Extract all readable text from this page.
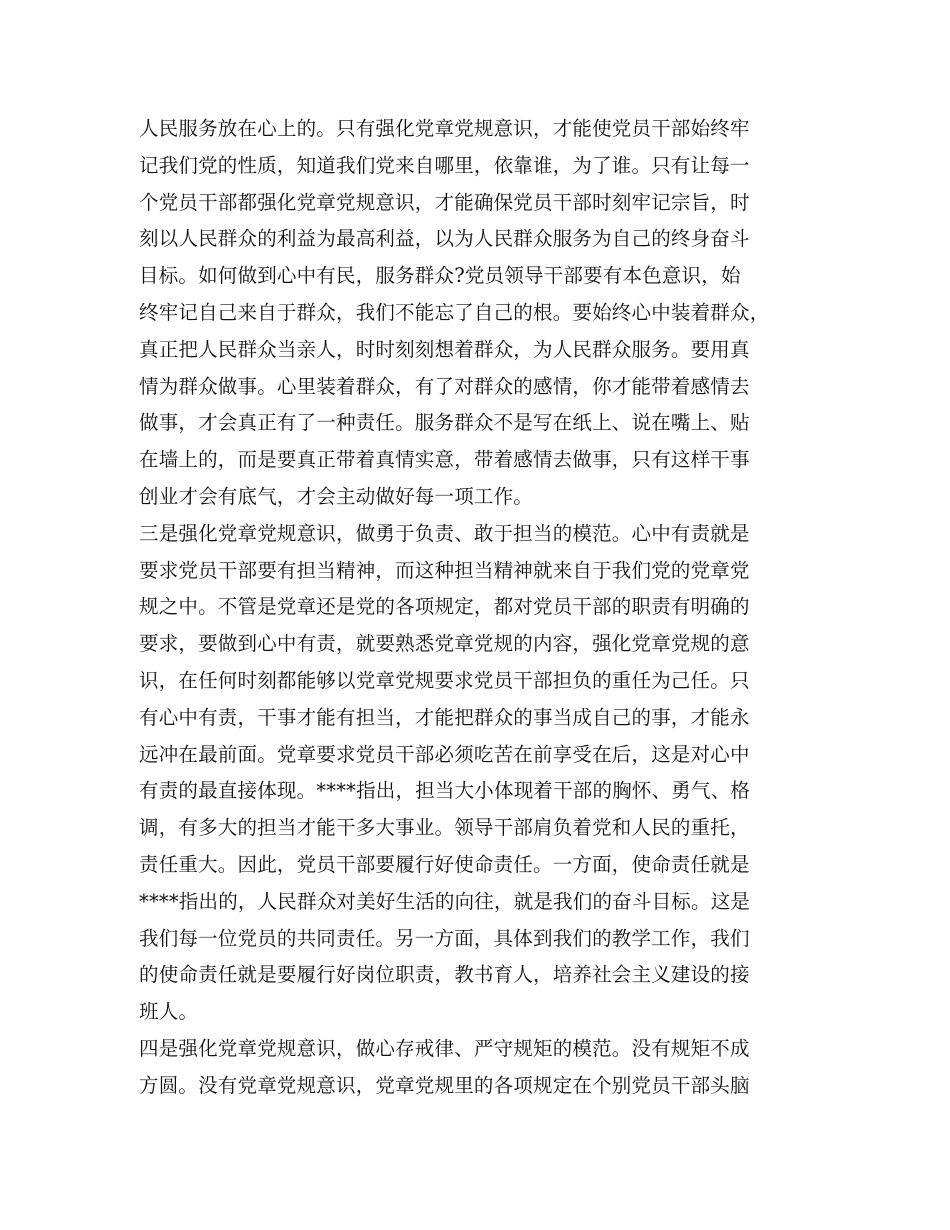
人民服务放在心上的。只有强化党章党规意识，才能使党员干部始终牢
记我们党的性质，知道我们党来自哪里，依靠谁，为了谁。只有让每一
个党员干部都强化党章党规意识，才能确保党员干部时刻牢记宗旨，时
刻以人民群众的利益为最高利益，以为人民群众服务为自己的终身奋斗
目标。如何做到心中有民，服务群众?党员领导干部要有本色意识，始
终牢记自己来自于群众，我们不能忘了自己的根。要始终心中装着群众，
真正把人民群众当亲人，时时刻刻想着群众，为人民群众服务。要用真
情为群众做事。心里装着群众，有了对群众的感情，你才能带着感情去
做事，才会真正有了一种责任。服务群众不是写在纸上、说在嘴上、贴
在墙上的，而是要真正带着真情实意，带着感情去做事，只有这样干事
创业才会有底气，才会主动做好每一项工作。
三是强化党章党规意识，做勇于负责、敢于担当的模范。心中有责就是
要求党员干部要有担当精神，而这种担当精神就来自于我们党的党章党
规之中。不管是党章还是党的各项规定，都对党员干部的职责有明确的
要求，要做到心中有责，就要熟悉党章党规的内容，强化党章党规的意
识，在任何时刻都能够以党章党规要求党员干部担负的重任为己任。只
有心中有责，干事才能有担当，才能把群众的事当成自己的事，才能永
远冲在最前面。党章要求党员干部必须吃苦在前享受在后，这是对心中
有责的最直接体现。****指出，担当大小体现着干部的胸怀、勇气、格
调，有多大的担当才能干多大事业。领导干部肩负着党和人民的重托，
责任重大。因此，党员干部要履行好使命责任。一方面，使命责任就是
****指出的，人民群众对美好生活的向往，就是我们的奋斗目标。这是
我们每一位党员的共同责任。另一方面，具体到我们的教学工作，我们
的使命责任就是要履行好岗位职责，教书育人，培养社会主义建设的接
班人。
四是强化党章党规意识，做心存戒律、严守规矩的模范。没有规矩不成
方圆。没有党章党规意识，党章党规里的各项规定在个别党员干部头脑
